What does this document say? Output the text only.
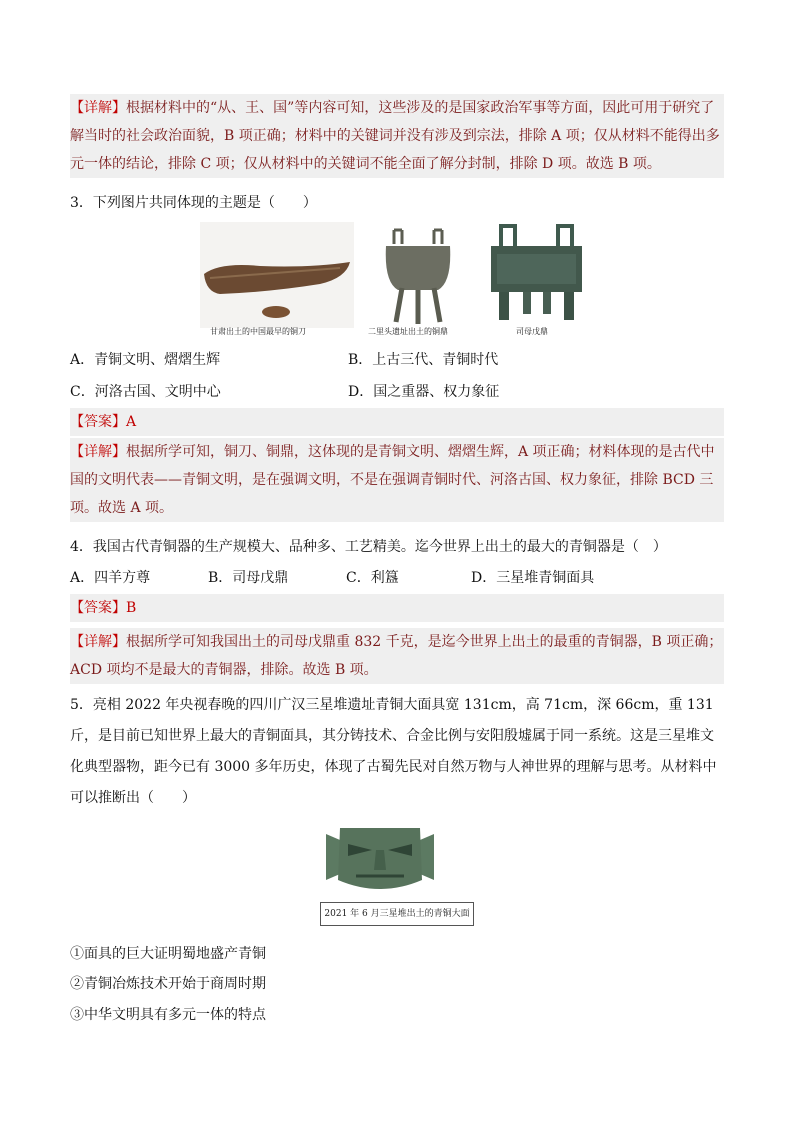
【详解】根据材料中的“从、王、国”等内容可知，这些涉及的是国家政治军事等方面，因此可用于研究了解当时的社会政治面貌，B 项正确；材料中的关键词并没有涉及到宗法，排除 A 项；仅从材料不能得出多元一体的结论，排除 C 项；仅从材料中的关键词不能全面了解分封制，排除 D 项。故选 B 项。
3．下列图片共同体现的主题是（　　）
甘肃出土的中国最早的铜刀	二里头遗址出土的铜鼎	司母戊鼎
A．青铜文明、熠熠生辉	B．上古三代、青铜时代
C．河洛古国、文明中心	D．国之重器、权力象征
【答案】A
【详解】根据所学可知，铜刀、铜鼎，这体现的是青铜文明、熠熠生辉，A 项正确；材料体现的是古代中国的文明代表——青铜文明，是在强调文明，不是在强调青铜时代、河洛古国、权力象征，排除 BCD 三项。故选 A 项。
4．我国古代青铜器的生产规模大、品种多、工艺精美。迄今世界上出土的最大的青铜器是（　）
A．四羊方尊	B．司母戊鼎	C．利簋	D．三星堆青铜面具
【答案】B
【详解】根据所学可知我国出土的司母戊鼎重 832 千克，是迄今世界上出土的最重的青铜器，B 项正确；ACD 项均不是最大的青铜器，排除。故选 B 项。
5．亮相 2022 年央视春晚的四川广汉三星堆遗址青铜大面具宽 131cm，高 71cm，深 66cm，重 131 斤，是目前已知世界上最大的青铜面具，其分铸技术、合金比例与安阳殷墟属于同一系统。这是三星堆文化典型器物，距今已有 3000 多年历史，体现了古蜀先民对自然万物与人神世界的理解与思考。从材料中可以推断出（　　）
2021 年 6 月三星堆出土的青铜大面
①面具的巨大证明蜀地盛产青铜
②青铜冶炼技术开始于商周时期
③中华文明具有多元一体的特点
